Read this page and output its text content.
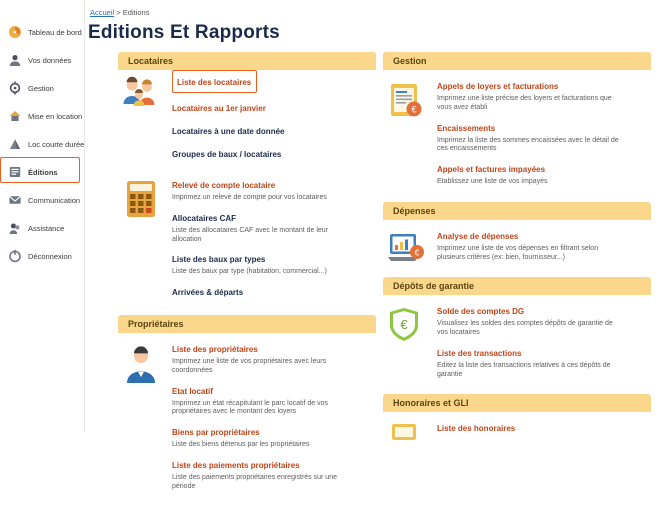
Tableau de bord
Vos données
Gestion
Mise en location
Loc courte durée
Éditions
Communication
Assistance
Déconnexion
Accueil > Editions
Editions Et Rapports
Locataires
Liste des locataires
Locataires au 1er janvier
Locataires à une date donnée
Groupes de baux / locataires
Relevé de compte locataire
Imprimez un relevé de compte pour vos locataires
Allocataires CAF
Liste des allocataires CAF avec le montant de leur allocation
Liste des baux par types
Liste des baux par type (habitation, commercial...)
Arrivées & départs
Propriétaires
Liste des propriétaires
Imprimez une liste de vos propriétaires avec leurs coordonnées
Etat locatif
Imprimez un état récapitulant le parc locatif de vos propriétaires avec le montant des loyers
Biens par propriétaires
Liste des biens détenus par les propriétaires
Liste des paiements propriétaires
Liste des paiements propriétaires enregistrés sur une période
Gestion
€
Appels de loyers et facturations
Imprimez une liste précise des loyers et facturations que vous avez établi
Encaissements
Imprimez la liste des sommes encaissées avec le détail de ces encaissements
Appels et factures impayées
Etablissez une liste de vos impayés
Dépenses
€
Analyse de dépenses
Imprimez une liste de vos dépenses en filtrant selon plusieurs critères (ex: bien, fournisseur...)
Dépôts de garantie
€
Solde des comptes DG
Visualisez les soldes des comptes dépôts de garantie de vos locataires
Liste des transactions
Editez la liste des transactions relatives à ces dépôts de garantie
Honoraires et GLI
Liste des honoraires
